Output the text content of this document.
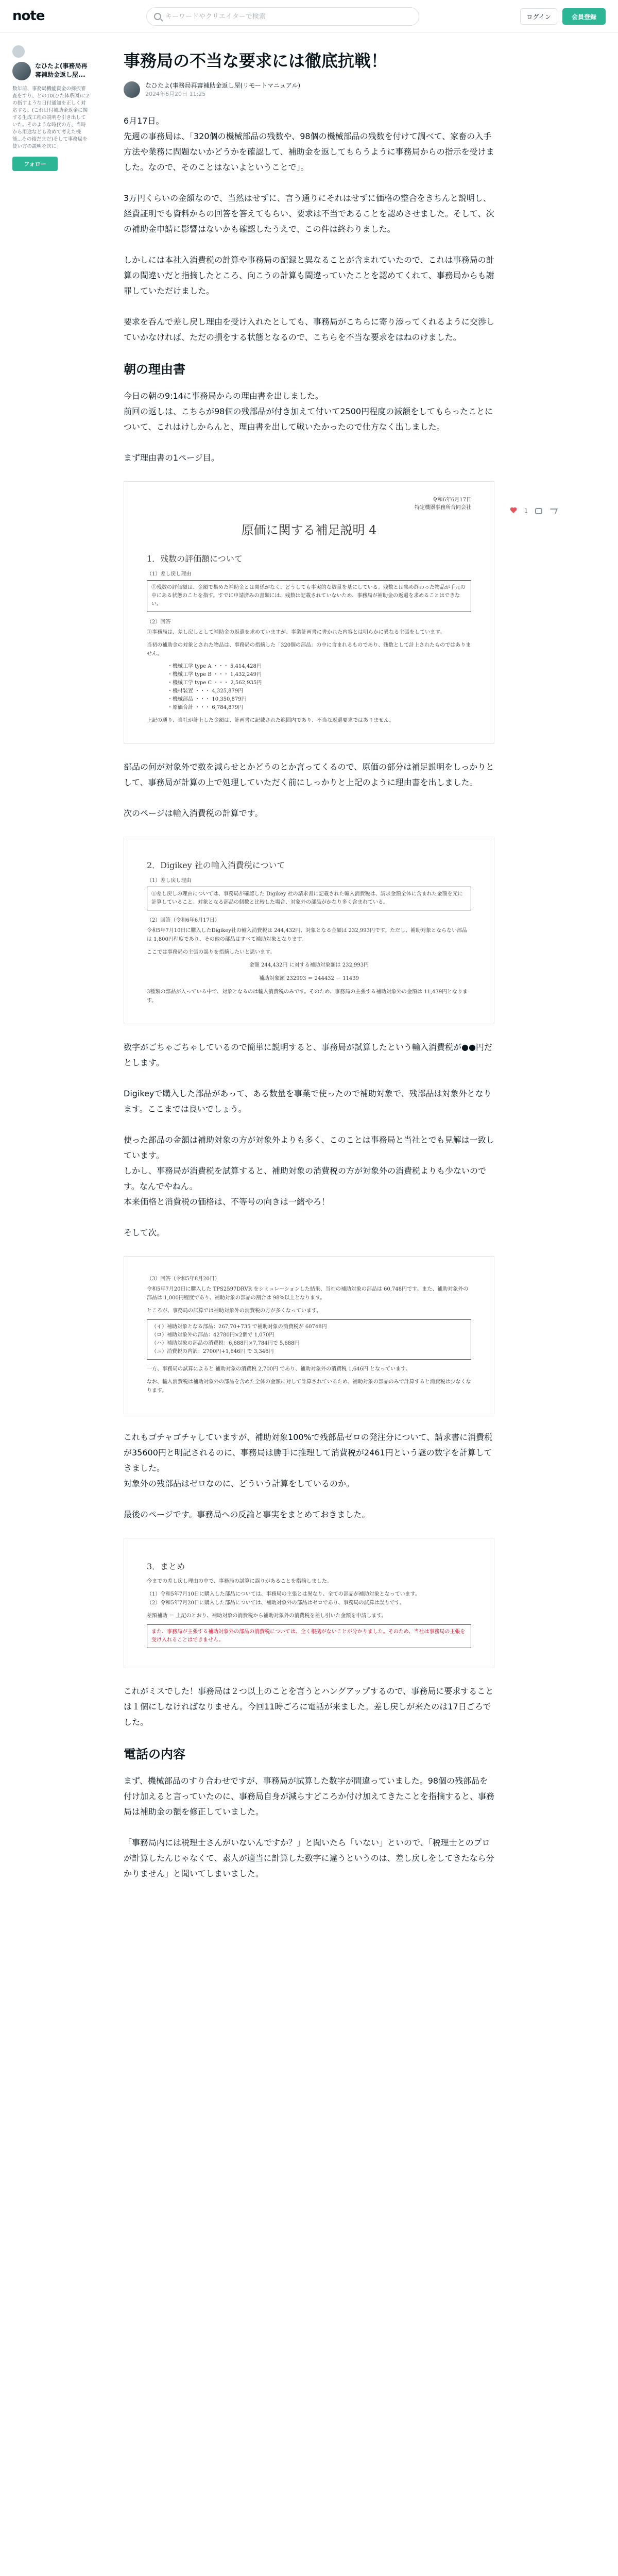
note
キーワードやクリエイターで検索	ログイン	会員登録
なひたよ(事務局再審補助金返し屋...
数年前、事務局機能資金の採択審査をすり、との10(ひた体系図)に2の指すような日付通知を正しく対応する。(これ日付補助金返金に関する生成工程の説明を引き出していた。そのような時代の方、当時から用途なども改めて考えた機能...その後だまだ)そして事務局を使い方の説明を次に」
フォロー
1
事務局の不当な要求には徹底抗戦！
なひたよ(事務局再審補助金返し屋(リモートマニュアル)
2024年6月20日 11:25

6月17日。
先週の事務局は、「320個の機械部品の残数や、98個の機械部品の残数を付けて調べて、家畜の入手方法や業務に問題ないかどうかを確認して、補助金を返してもらうように事務局からの指示を受けました。なので、そのことはないよということで」。

3万円くらいの金額なので、当然はせずに、言う通りにそれはせずに価格の整合をきちんと説明し、経費証明でも資料からの回答を答えてもらい、要求は不当であることを認めさせました。そして、次の補助金申請に影響はないかも確認したうえで、この件は終わりました。

しかしには本社入消費税の計算や事務局の記録と異なることが含まれていたので、これは事務局の計算の間違いだと指摘したところ、向こうの計算も間違っていたことを認めてくれて、事務局からも謝罪していただけました。

要求を呑んで差し戻し理由を受け入れたとしても、事務局がこちらに寄り添ってくれるように交渉していかなければ、ただの損をする状態となるので、こちらを不当な要求をはねのけました。

朝の理由書

今日の朝の9:14に事務局からの理由書を出しました。
前回の返しは、こちらが98個の残部品が付き加えて付いて2500円程度の減額をしてもらったことについて、これはけしからんと、理由書を出して戦いたかったので仕方なく出しました。

まず理由書の1ページ目。

令和6年6月17日
特定機器事務所合同会社
原価に関する補足説明 4
1．残数の評価額について
（1）差し戻し理由
①残数の評価額は、金額で集めた補助金とは関係がなく、どうしても事実的な数量を基にしている。残数とは集め終わった物品が手元の中にある状態のことを指す。すでに申請済みの書類には、残数は記載されていないため、事務局が補助金の返還を求めることはできない。
（2）回答
①事務局は、差し戻しとして補助金の返還を求めていますが、事業計画書に書かれた内容とは明らかに異なる主張をしています。
当初の補助金の対象とされた物品は、事務局の指摘した「320個の部品」の中に含まれるものであり、残数として計上されたものではありません。
・機械工学 type A ・・・ 5,414,428円
・機械工学 type B ・・・ 1,432,249円
・機械工学 type C ・・・ 2,562,935円
・機材装置 ・・・ 4,325,879円
・機械部品 ・・・ 10,350,879円
・原価合計 ・・・ 6,784,879円
上記の通り、当社が計上した金額は、計画書に記載された範囲内であり、不当な返還要求ではありません。

部品の何が対象外で数を減らせとかどうのとか言ってくるので、原価の部分は補足説明をしっかりとして、事務局が計算の上で処理していただく前にしっかりと上記のように理由書を出しました。

次のページは輸入消費税の計算です。

2．Digikey 社の輸入消費税について
（1）差し戻し理由
①差し戻しの理由については、事務局が確認した Digikey 社の請求書に記載された輸入消費税は、請求金額全体に含まれた金額を元に計算していること。対象となる部品の個数と比較した場合、対象外の部品がかなり多く含まれている。
（2）回答（令和6年6月17日）
令和5年7月10日に購入したDigikey社の輸入消費税は 244,432円、対象となる金額は 232,993円です。ただし、補助対象とならない部品は 1,800円程度であり、その他の部品はすべて補助対象となります。
ここでは事務局の主張の誤りを指摘したいと思います。
金額 244,432円 に対する補助対象額は 232,993円
補助対象額 232993 ＝ 244432 － 11439
3種類の部品が入っている中で、対象となるのは輸入消費税のみです。そのため、事務局の主張する補助対象外の金額は 11,439円となります。

数字がごちゃごちゃしているので簡単に説明すると、事務局が試算したという輸入消費税が●●円だとします。

Digikeyで購入した部品があって、ある数量を事業で使ったので補助対象で、残部品は対象外となります。ここまでは良いでしょう。

使った部品の金額は補助対象の方が対象外よりも多く、このことは事務局と当社とでも見解は一致しています。
しかし、事務局が消費税を試算すると、補助対象の消費税の方が対象外の消費税よりも少ないのです。なんでやねん。
本来価格と消費税の価格は、不等号の向きは一緒やろ！

そして次。

（3）回答（令和5年8月20日）
令和5年7月20日に購入した TPS2597DRVR をシミュレーションした結果、当社の補助対象の部品は 60,748円です。また、補助対象外の部品は 1,000円程度であり、補助対象の部品の割合は 98%以上となります。
ところが、事務局の試算では補助対象外の消費税の方が多くなっています。
（イ）補助対象となる部品：267,70+735 で補助対象の消費税が 60748円
（ロ）補助対象外の部品：42780円×2個で 1,070円
（ハ）補助対象の部品の消費税：6,688円×7,784円で 5,688円
（ニ）消費税の内訳：2700円+1,646円 で 3,346円
一方、事務局の試算によると 補助対象の消費税 2,700円 であり、補助対象外の消費税 1,646円 となっています。
なお、輸入消費税は補助対象外の部品を含めた全体の金額に対して計算されているため、補助対象の部品のみで計算すると消費税は少なくなります。

これもゴチャゴチャしていますが、補助対象100%で残部品ゼロの発注分について、請求書に消費税が35600円と明記されるのに、事務局は勝手に推理して消費税が2461円という謎の数字を計算してきました。
対象外の残部品はゼロなのに、どういう計算をしているのか。

最後のページです。事務局への反論と事実をまとめておきました。

3．まとめ
今までの差し戻し理由の中で、事務局の試算に誤りがあることを指摘しました。
（1）令和5年7月10日に購入した部品については、事務局の主張とは異なり、全ての部品が補助対象となっています。
（2）令和5年7月20日に購入した部品については、補助対象外の部品はゼロであり、事務局の試算は誤りです。
差額補助 ＝ 上記のとおり、補助対象の消費税から補助対象外の消費税を差し引いた金額を申請します。
また、事務局が主張する補助対象外の部品の消費税については、全く根拠がないことが分かりました。そのため、当社は事務局の主張を受け入れることはできません。

これがミスでした！事務局は２つ以上のことを言うとハングアップするので、事務局に要求することは１個にしなければなりません。今回11時ごろに電話が来ました。差し戻しが来たのは17日ごろでした。

電話の内容

まず、機械部品のすり合わせですが、事務局が試算した数字が間違っていました。98個の残部品を付け加えると言っていたのに、事務局自身が減らすどころか付け加えてきたことを指摘すると、事務局は補助金の額を修正していました。

「事務局内には税理士さんがいないんですか？」と聞いたら「いない」といので、「税理士とのプロが計算したんじゃなくて、素人が適当に計算した数字に違うというのは、差し戻しをしてきたなら分かりません」と聞いてしまいました。
